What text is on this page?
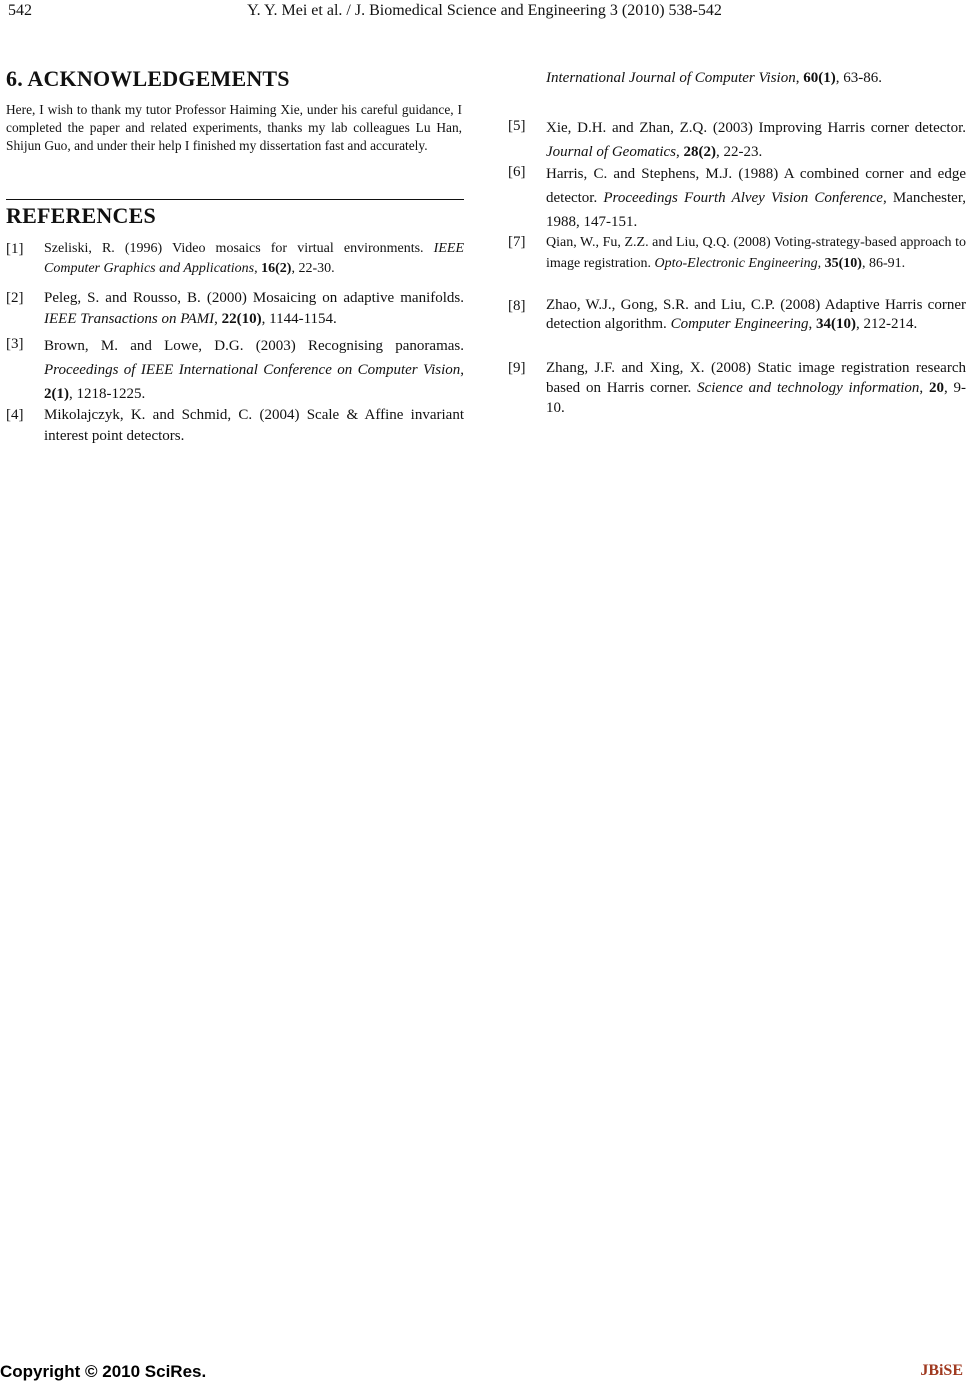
542	Y. Y. Mei et al. / J. Biomedical Science and Engineering 3 (2010) 538-542
6. ACKNOWLEDGEMENTS
Here, I wish to thank my tutor Professor Haiming Xie, under his careful guidance, I completed the paper and related experiments, thanks my lab colleagues Lu Han, Shijun Guo, and under their help I finished my dissertation fast and accurately.
REFERENCES
[1]	Szeliski, R. (1996) Video mosaics for virtual environments. IEEE Computer Graphics and Applications, 16(2), 22-30.
[2]	Peleg, S. and Rousso, B. (2000) Mosaicing on adaptive manifolds. IEEE Transactions on PAMI, 22(10), 1144-1154.
[3]	Brown, M. and Lowe, D.G. (2003) Recognising panoramas. Proceedings of IEEE International Conference on Computer Vision, 2(1), 1218-1225.
[4]	Mikolajczyk, K. and Schmid, C. (2004) Scale & Affine invariant interest point detectors.
International Journal of Computer Vision, 60(1), 63-86.
[5]	Xie, D.H. and Zhan, Z.Q. (2003) Improving Harris corner detector. Journal of Geomatics, 28(2), 22-23.
[6]	Harris, C. and Stephens, M.J. (1988) A combined corner and edge detector. Proceedings Fourth Alvey Vision Conference, Manchester, 1988, 147-151.
[7]	Qian, W., Fu, Z.Z. and Liu, Q.Q. (2008) Voting-strategy-based approach to image registration. Opto-Electronic Engineering, 35(10), 86-91.
[8]	Zhao, W.J., Gong, S.R. and Liu, C.P. (2008) Adaptive Harris corner detection algorithm. Computer Engineering, 34(10), 212-214.
[9]	Zhang, J.F. and Xing, X. (2008) Static image registration research based on Harris corner. Science and technology information, 20, 9-10.
Copyright © 2010 SciRes.	JBiSE
